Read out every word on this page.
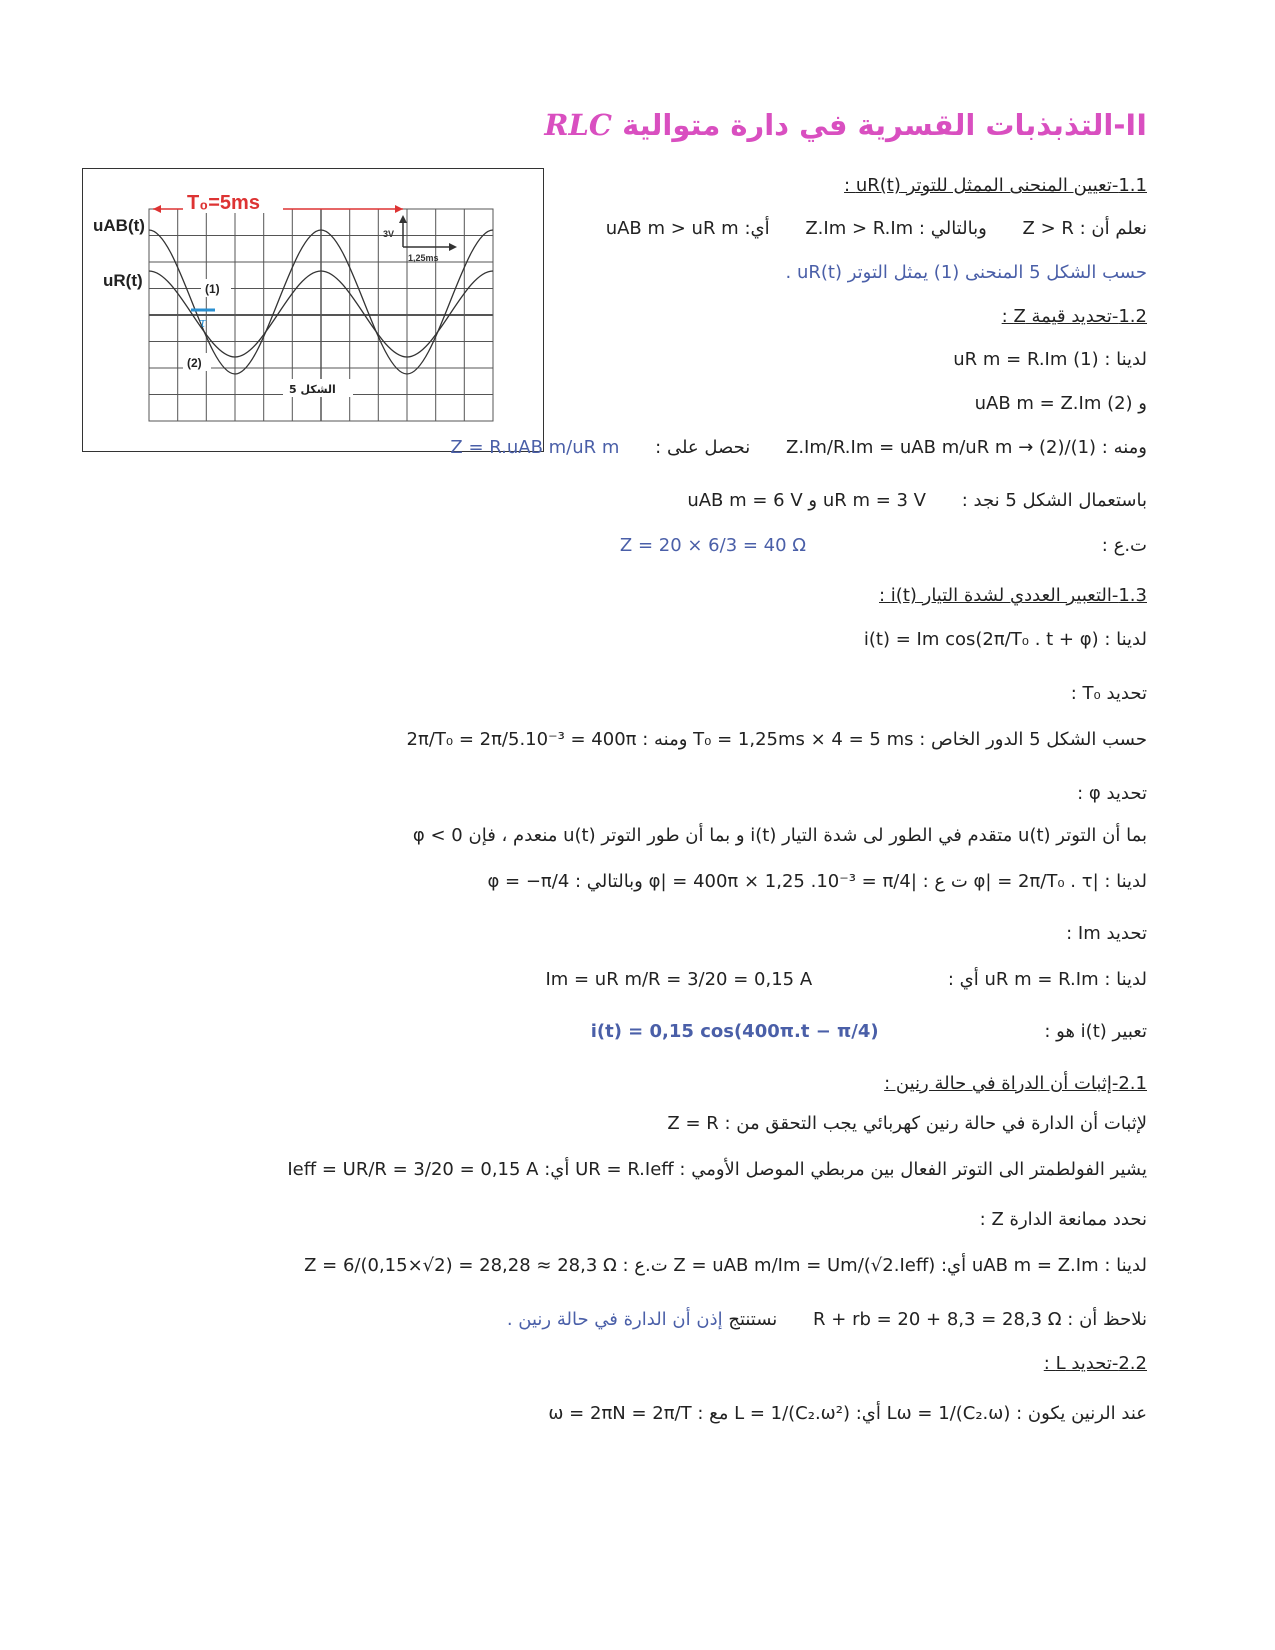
II-التذبذبات القسرية في دارة متوالية RLC
T₀=5ms
3V
1,25ms
uAB(t)
uR(t)	(1)
(2)
τ
الشكل 5
1.1-تعيين المنحنى الممثل للتوتر uR(t) :
نعلم أن : Z > R وبالتالي : Z.Im > R.Im أي: uAB m > uR m
حسب الشكل 5 المنحنى (1) يمثل التوتر uR(t) .
1.2-تحديد قيمة Z :
لدينا : uR m = R.Im (1)
و uAB m = Z.Im (2)
ومنه : (1)/(2) → Z.Im/R.Im = uAB m/uR m نحصل على : Z = R.uAB m/uR m
باستعمال الشكل 5 نجد : uR m = 3 V و uAB m = 6 V
ت.ع : Z = 20 × 6/3 = 40 Ω
1.3-التعبير العددي لشدة التيار i(t) :
لدينا : i(t) = Im cos(2π/T₀ . t + φ)
تحديد T₀ :
حسب الشكل 5 الدور الخاص : T₀ = 1,25ms × 4 = 5 ms ومنه : 2π/T₀ = 2π/5.10⁻³ = 400π
تحديد φ :
بما أن التوتر u(t) متقدم في الطور لى شدة التيار i(t) و بما أن طور التوتر u(t) منعدم ، فإن φ < 0
لدينا : |φ| = 2π/T₀ . τ ت ع : |φ| = 400π × 1,25 .10⁻³ = π/4 وبالتالي : φ = −π/4
تحديد Im :
لدينا : uR m = R.Im أي : Im = uR m/R = 3/20 = 0,15 A
تعبير i(t) هو : i(t) = 0,15 cos(400π.t − π/4)
2.1-إثبات أن الدراة في حالة رنين :
لإثبات أن الدارة في حالة رنين كهربائي يجب التحقق من : Z = R
يشير الفولطمتر الى التوتر الفعال بين مربطي الموصل الأومي : UR = R.Ieff أي: Ieff = UR/R = 3/20 = 0,15 A
نحدد ممانعة الدارة Z :
لدينا : uAB m = Z.Im أي: Z = uAB m/Im = Um/(√2.Ieff) ت.ع : Z = 6/(0,15×√2) = 28,28 ≈ 28,3 Ω
نلاحظ أن : R + rb = 20 + 8,3 = 28,3 Ω نستنتج إذن أن الدارة في حالة رنين .
2.2-تحديد L :
عند الرنين يكون : Lω = 1/(C₂.ω) أي: L = 1/(C₂.ω²) مع : ω = 2πN = 2π/T
